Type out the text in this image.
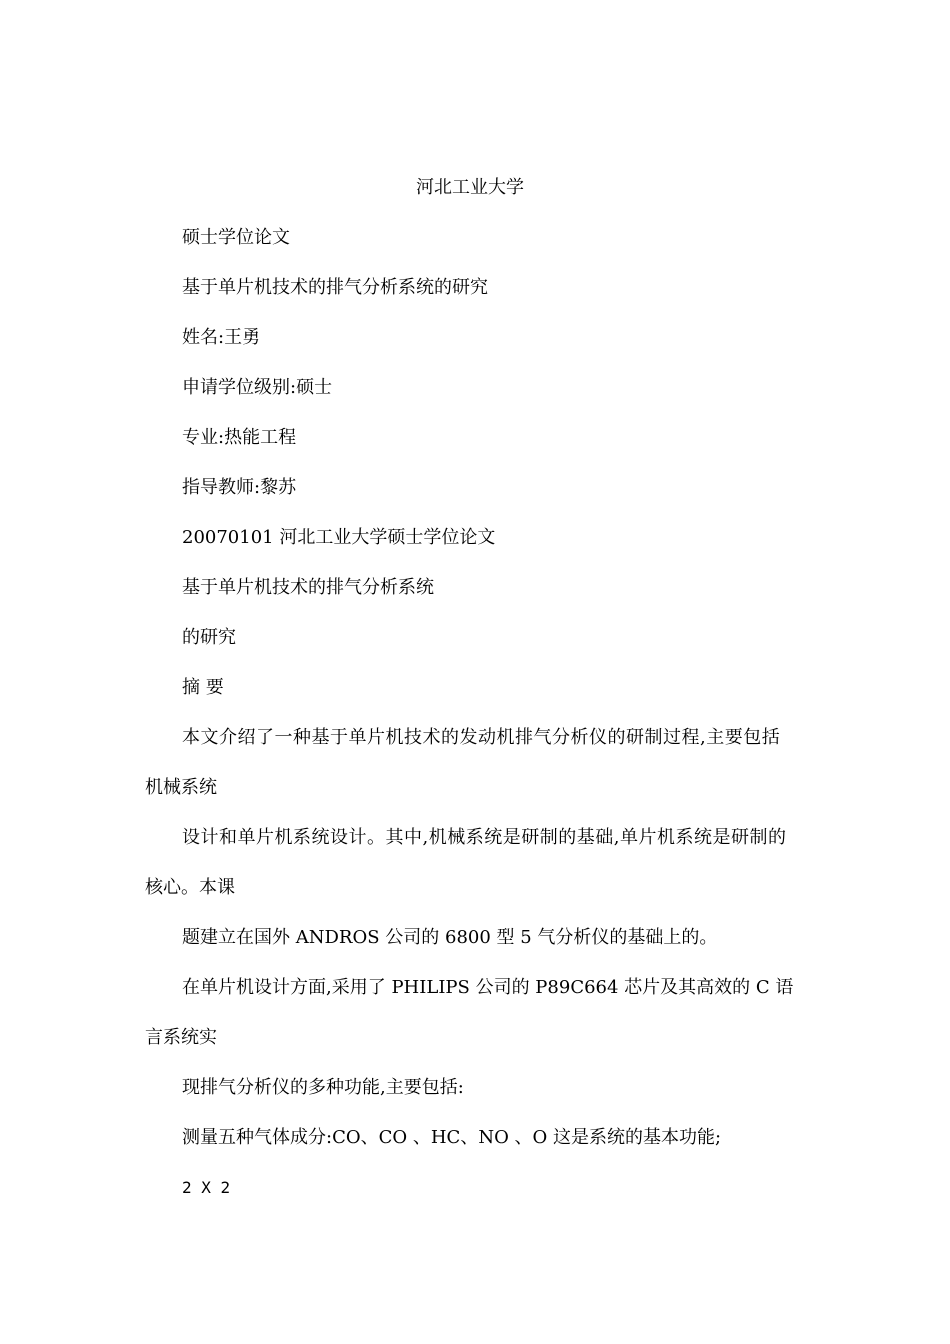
河北工业大学
硕士学位论文
基于单片机技术的排气分析系统的研究
姓名:王勇
申请学位级别:硕士
专业:热能工程
指导教师:黎苏
20070101 河北工业大学硕士学位论文
基于单片机技术的排气分析系统
的研究
摘 要
本文介绍了一种基于单片机技术的发动机排气分析仪的研制过程,主要包括
机械系统
设计和单片机系统设计。其中,机械系统是研制的基础,单片机系统是研制的
核心。本课
题建立在国外 ANDROS 公司的 6800 型 5 气分析仪的基础上的。
在单片机设计方面,采用了 PHILIPS 公司的 P89C664 芯片及其高效的 C 语
言系统实
现排气分析仪的多种功能,主要包括:
测量五种气体成分:CO、CO 、HC、NO 、O 这是系统的基本功能;
2 X 2
